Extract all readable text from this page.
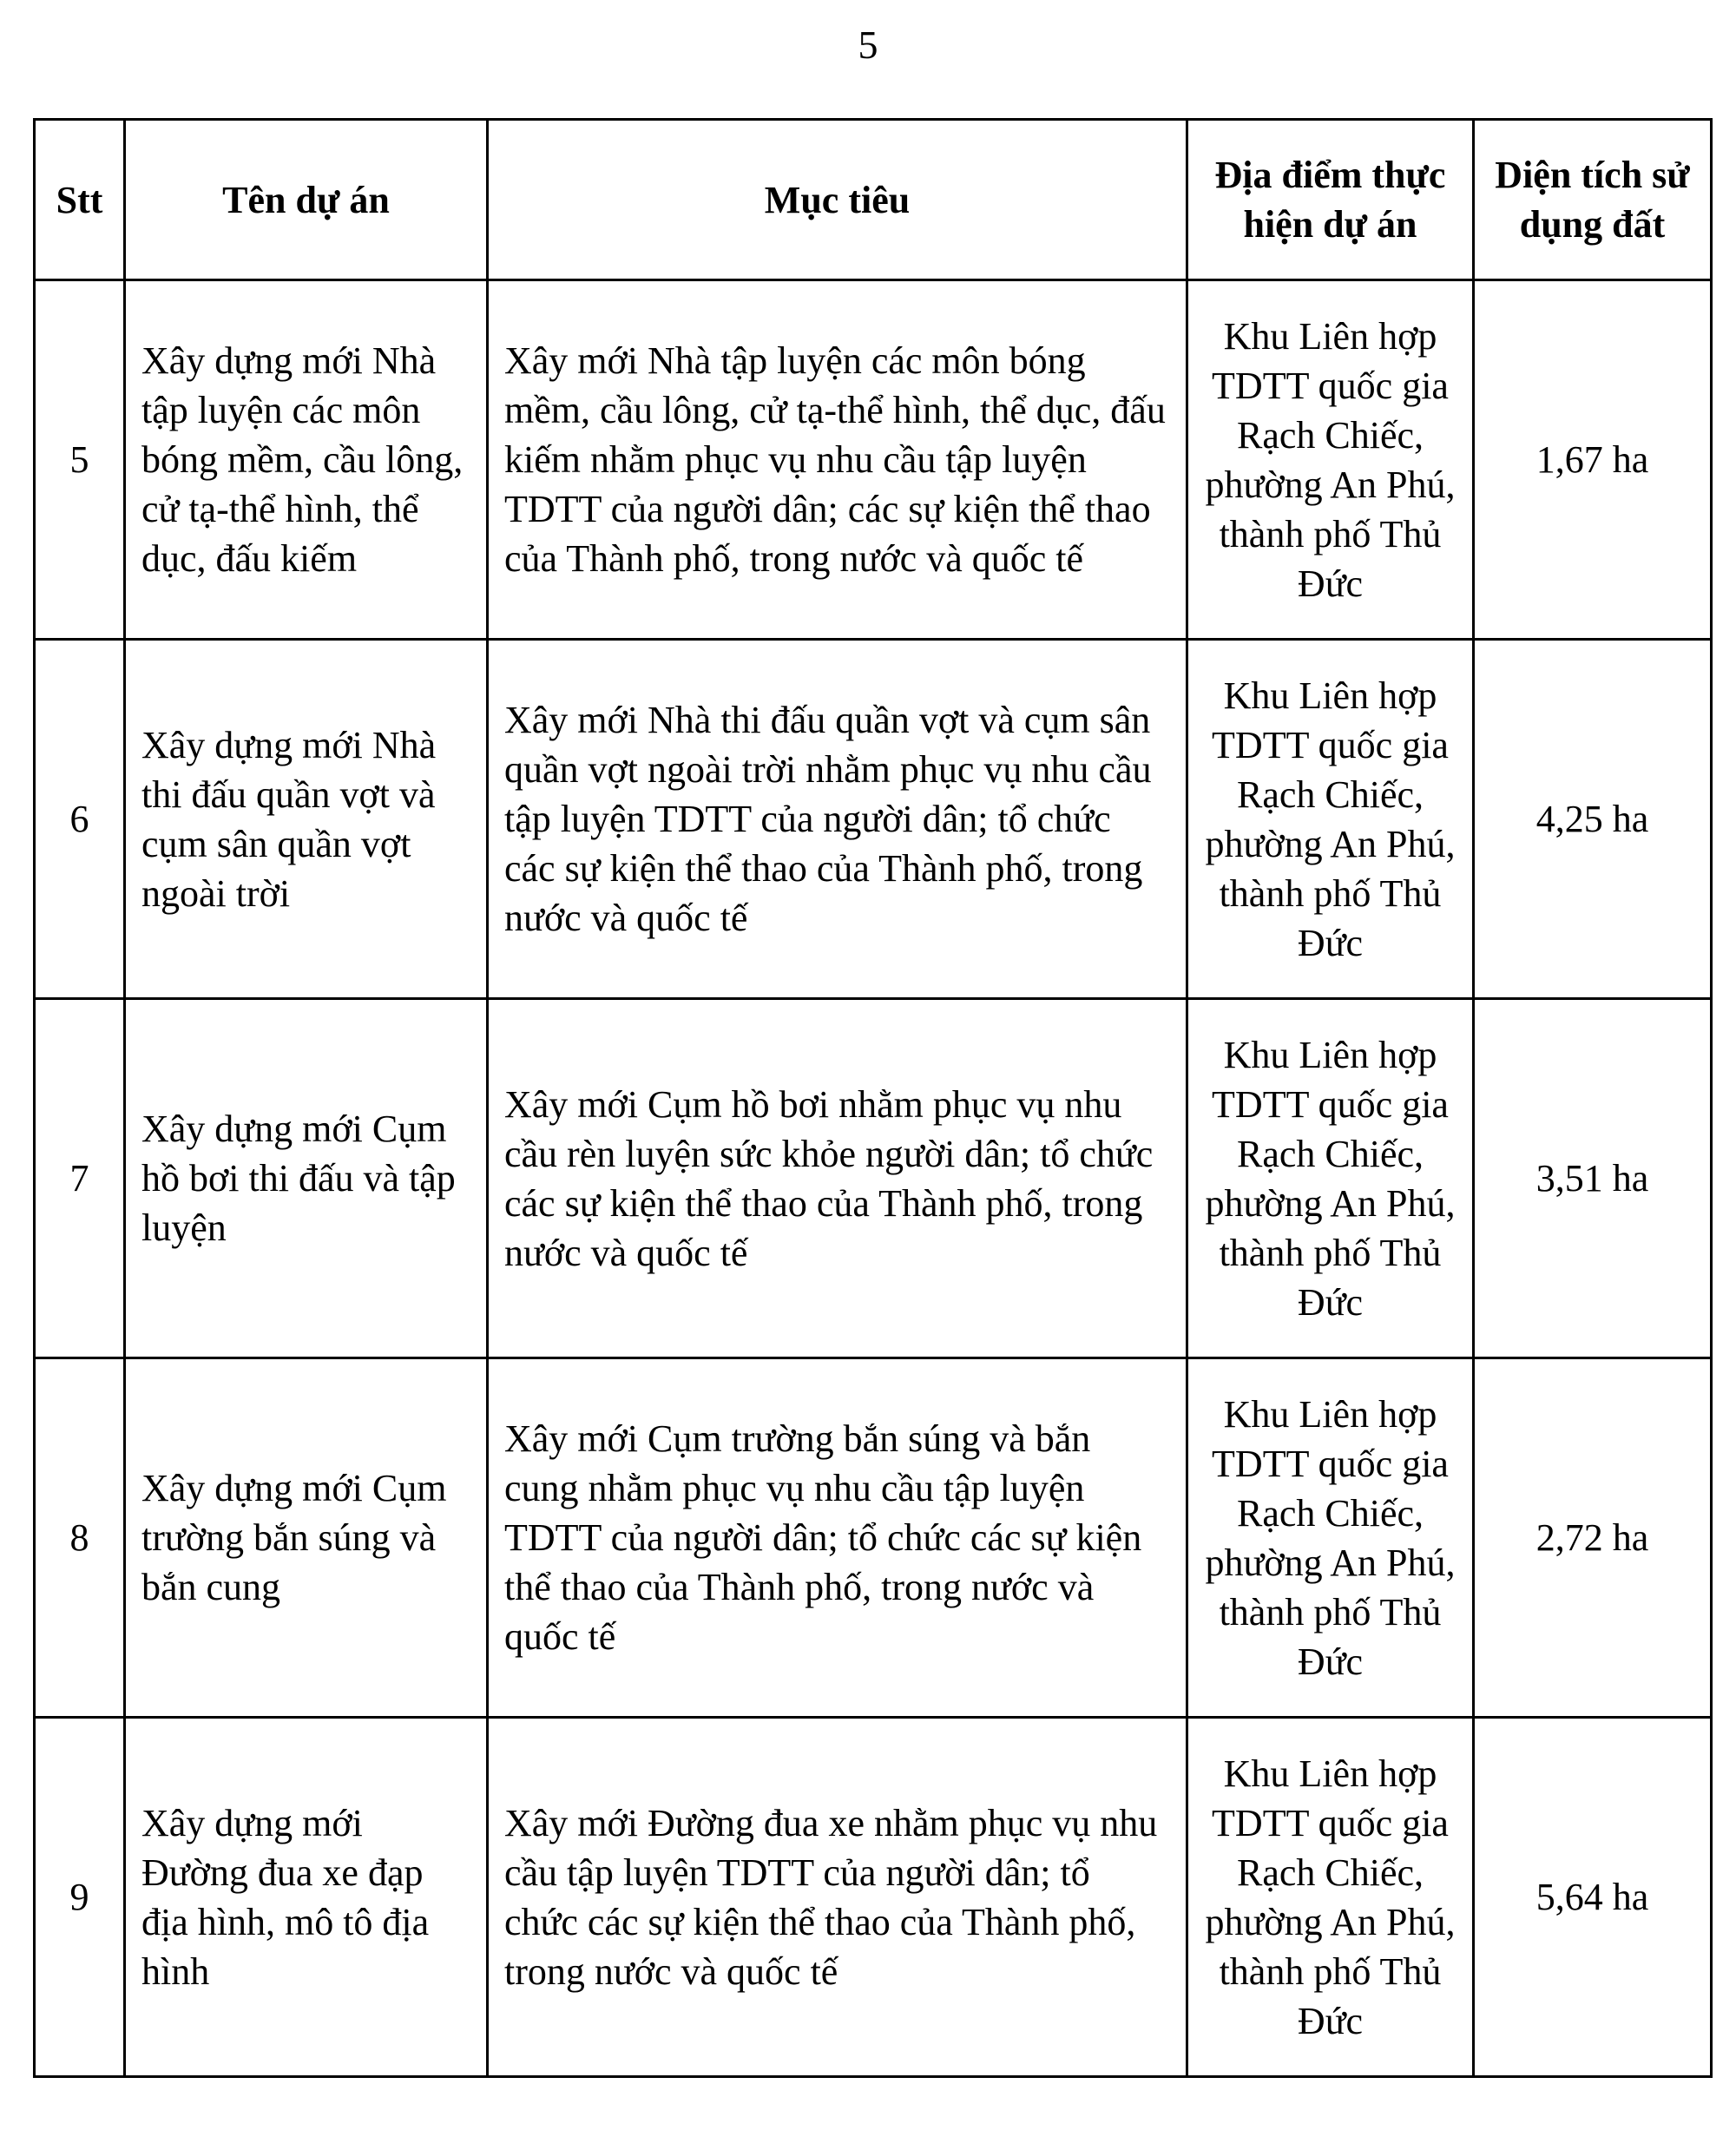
5
Stt	Tên dự án	Mục tiêu	Địa điểm thực hiện dự án	Diện tích sử dụng đất
5	Xây dựng mới Nhà tập luyện các môn bóng mềm, cầu lông, cử tạ-thể hình, thể dục, đấu kiếm	Xây mới Nhà tập luyện các môn bóng mềm, cầu lông, cử tạ-thể hình, thể dục, đấu kiếm nhằm phục vụ nhu cầu tập luyện TDTT của người dân; các sự kiện thể thao của Thành phố, trong nước và quốc tế	Khu Liên hợp TDTT quốc gia Rạch Chiếc, phường An Phú, thành phố Thủ Đức	1,67 ha
6	Xây dựng mới Nhà thi đấu quần vợt và cụm sân quần vợt ngoài trời	Xây mới Nhà thi đấu quần vợt và cụm sân quần vợt ngoài trời nhằm phục vụ nhu cầu tập luyện TDTT của người dân; tổ chức các sự kiện thể thao của Thành phố, trong nước và quốc tế	Khu Liên hợp TDTT quốc gia Rạch Chiếc, phường An Phú, thành phố Thủ Đức	4,25 ha
7	Xây dựng mới Cụm hồ bơi thi đấu và tập luyện	Xây mới Cụm hồ bơi nhằm phục vụ nhu cầu rèn luyện sức khỏe người dân; tổ chức các sự kiện thể thao của Thành phố, trong nước và quốc tế	Khu Liên hợp TDTT quốc gia Rạch Chiếc, phường An Phú, thành phố Thủ Đức	3,51 ha
8	Xây dựng mới Cụm trường bắn súng và bắn cung	Xây mới Cụm trường bắn súng và bắn cung nhằm phục vụ nhu cầu tập luyện TDTT của người dân; tổ chức các sự kiện thể thao của Thành phố, trong nước và quốc tế	Khu Liên hợp TDTT quốc gia Rạch Chiếc, phường An Phú, thành phố Thủ Đức	2,72 ha
9	Xây dựng mới Đường đua xe đạp địa hình, mô tô địa hình	Xây mới Đường đua xe nhằm phục vụ nhu cầu tập luyện TDTT của người dân; tổ chức các sự kiện thể thao của Thành phố, trong nước và quốc tế	Khu Liên hợp TDTT quốc gia Rạch Chiếc, phường An Phú, thành phố Thủ Đức	5,64 ha
